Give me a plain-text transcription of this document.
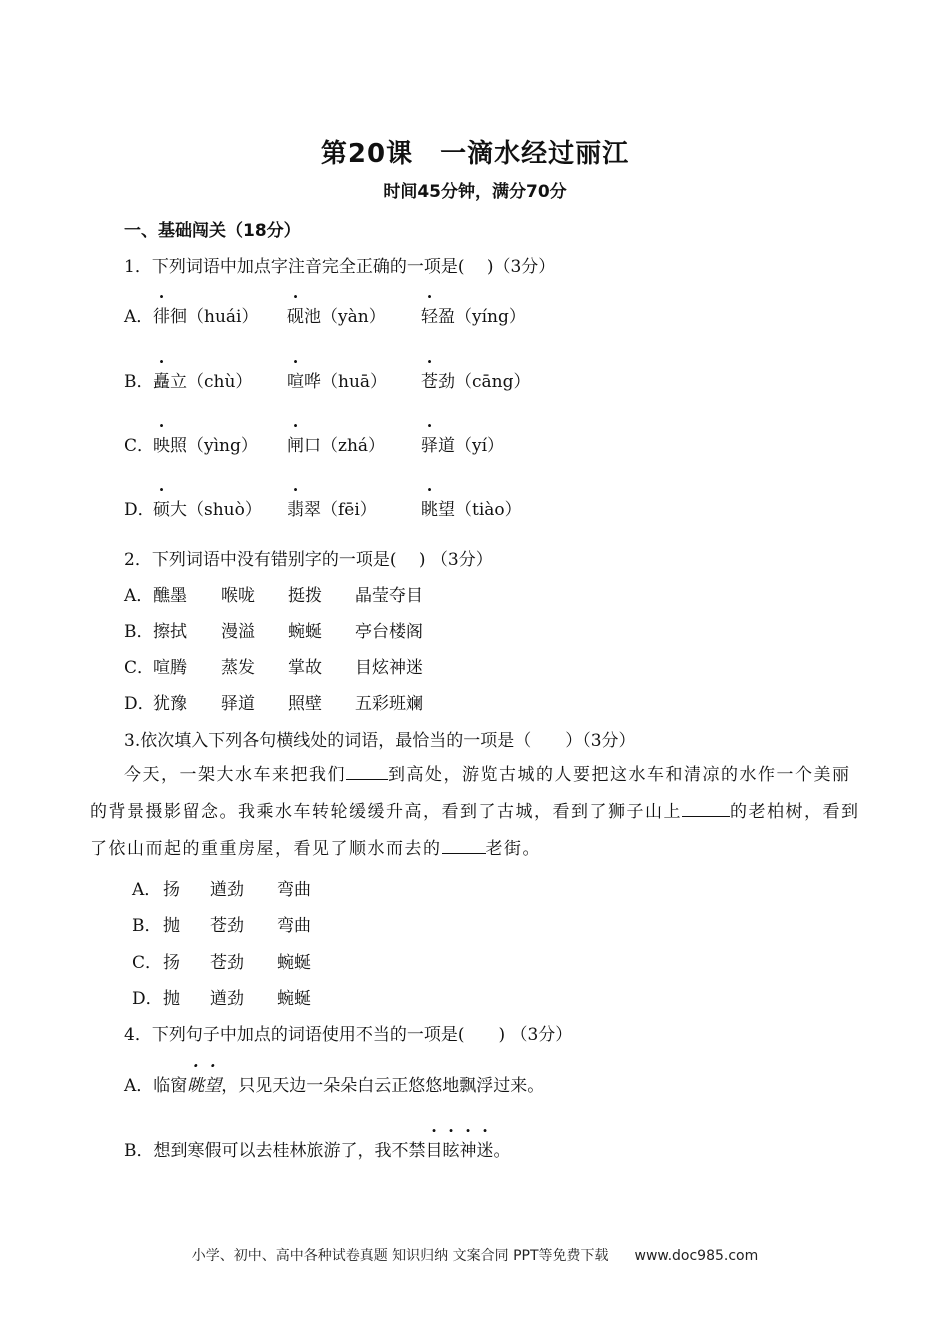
第20课　一滴水经过丽江
时间45分钟，满分70分
一、基础闯关（18分）
1．下列词语中加点字注音完全正确的一项是(　 )（3分）
A． 徘徊（huái） 砚池（yàn） 轻盈（yíng）
B． 矗立（chù） 喧哗（huā） 苍劲（cāng）
C．
映照（yìng） 闸口（zhá） 驿道（yí）
D．
硕大（shuò） 翡翠（fēi）	眺望（tiào）
2．下列词语中没有错别字的一项是(　 ) （3分）
A． 醮墨 喉咙 挺拨 晶莹夺目
B． 擦拭 漫溢 蜿蜒 亭台楼阁
C．
喧腾 蒸发 掌故 目炫神迷
D．
犹豫 驿道 照壁 五彩班斓
3.依次填入下列各句横线处的词语，最恰当的一项是（　　）（3分）
今天，一架大水车来把我们 到高处，游览古城的人要把这水车和清凉的水作一个美丽的背景摄影留念。我乘水车转轮缓缓升高，看到了古城，看到了狮子山上	的老柏树，看到了依山而起的重重房屋，看见了顺水而去的	老街。
A． 扬 遒劲 弯曲
B． 抛 苍劲 弯曲
C． 扬 苍劲 蜿蜒
D． 抛 遒劲 蜿蜒
4．下列句子中加点的词语使用不当的一项是(　　) （3分）
A．临窗眺望，只见天边一朵朵白云正悠悠地飘浮过来。
B．想到寒假可以去桂林旅游了，我不禁目眩神迷。
小学、初中、高中各种试卷真题 知识归纳 文案合同 PPT等免费下载 www.doc985.com
